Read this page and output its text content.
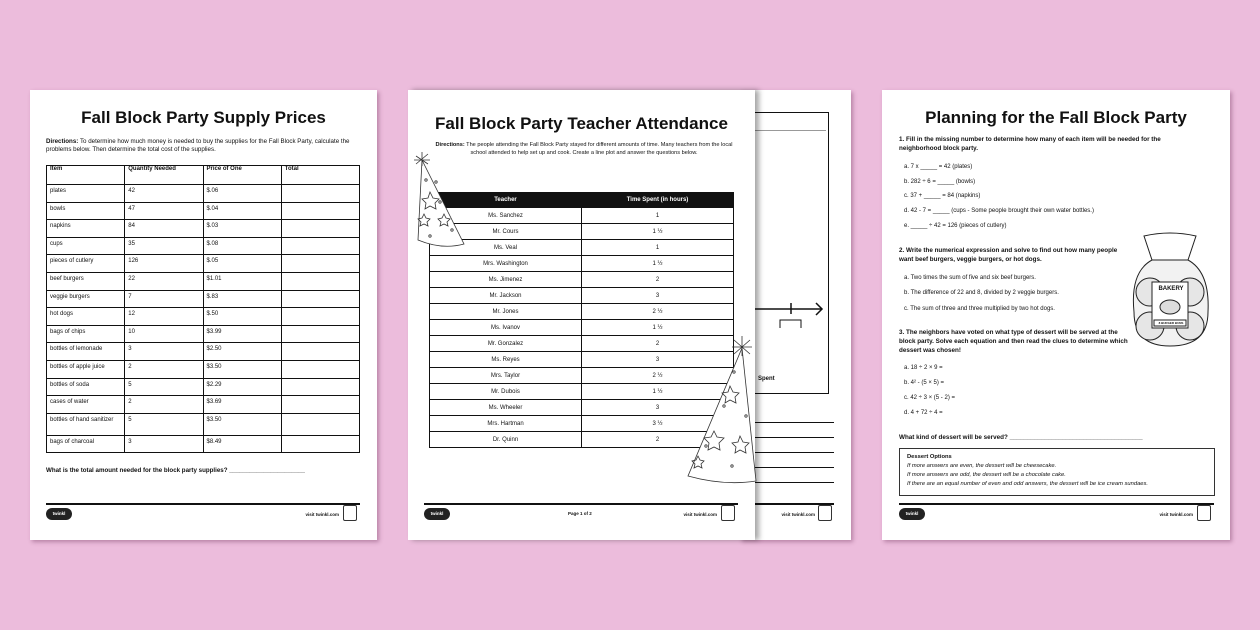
Fall Block Party Supply Prices
Directions: To determine how much money is needed to buy the supplies for the Fall Block Party, calculate the problems below. Then determine the total cost of the supplies.
Item	Quantity Needed	Price of One	Total
plates	42	$.06	
bowls	47	$.04	
napkins	84	$.03	
cups	35	$.08	
pieces of cutlery	126	$.05	
beef burgers	22	$1.01	
veggie burgers	7	$.83	
hot dogs	12	$.50	
bags of chips	10	$3.99	
bottles of lemonade	3	$2.50	
bottles of apple juice	2	$3.50	
bottles of soda	5	$2.29	
cases of water	2	$3.69	
bottles of hand sanitizer	5	$3.50	
bags of charcoal	3	$8.49	
What is the total amount needed for the block party supplies? ______________________
twinkl	visit twinkl.com
Spent
visit twinkl.com
Fall Block Party Teacher Attendance
Directions: The people attending the Fall Block Party stayed for different amounts of time. Many teachers from the local school attended to help set up and cook. Create a line plot and answer the questions below.
Teacher	Time Spent (in hours)
Ms. Sanchez	1
Mr. Cours	1 ½
Ms. Veal	1
Mrs. Washington	1 ½
Ms. Jimenez	2
Mr. Jackson	3
Mr. Jones	2 ½
Ms. Ivanov	1 ½
Mr. Gonzalez	2
Ms. Reyes	3
Mrs. Taylor	2 ½
Mr. Dubois	1 ½
Ms. Wheeler	3
Mrs. Hartman	3 ½
Dr. Quinn	2
twinkl	Page 1 of 2	visit twinkl.com
Planning for the Fall Block Party
1. Fill in the missing number to determine how many of each item will be needed for the neighborhood block party.
a. 7 x _____ = 42 (plates)
b. 282 ÷ 6 = _____ (bowls)
c. 37 + _____ = 84 (napkins)
d. 42 - 7 = _____ (cups - Some people brought their own water bottles.)
e. _____ ÷ 42 = 126 (pieces of cutlery)
2. Write the numerical expression and solve to find out how many people want beef burgers, veggie burgers, or hot dogs.
a. Two times the sum of five and six beef burgers.
b. The difference of 22 and 8, divided by 2 veggie burgers.
c. The sum of three and three multiplied by two hot dogs.
3. The neighbors have voted on what type of dessert will be served at the block party. Solve each equation and then read the clues to determine which dessert was chosen!
a. 18 ÷ 2 × 9 =
b. 4² - (5 × 5) =
c. 42 ÷ 3 × (5 - 2) =
d. 4 + 72 ÷ 4 =
What kind of dessert will be served? ______________________________________
Dessert Options
If more answers are even, the dessert will be cheesecake.
If more answers are odd, the dessert will be a chocolate cake.
If there are an equal number of even and odd answers, the dessert will be ice cream sundaes.
BAKERY
8 BURGER BUNS
twinkl	visit twinkl.com
